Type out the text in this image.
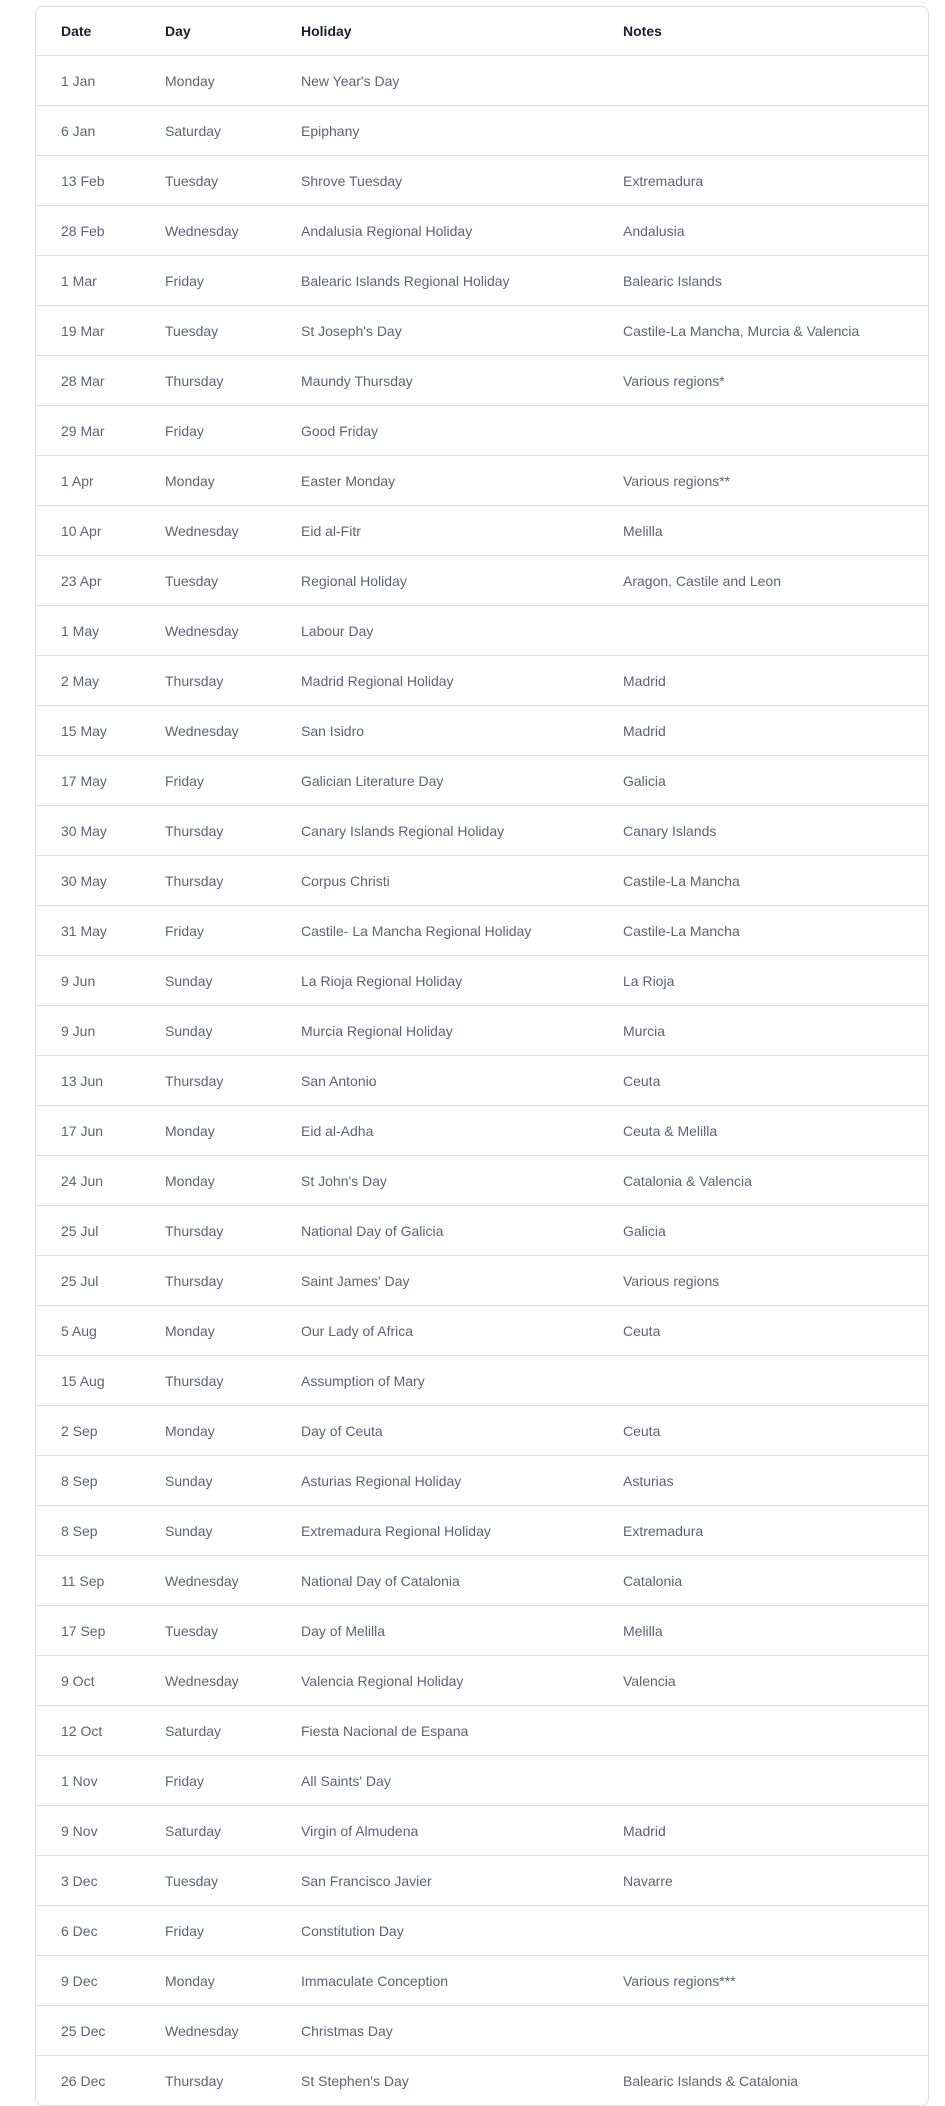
Date	Day	Holiday	Notes
1 Jan	Monday	New Year's Day	
6 Jan	Saturday	Epiphany	
13 Feb	Tuesday	Shrove Tuesday	Extremadura
28 Feb	Wednesday	Andalusia Regional Holiday	Andalusia
1 Mar	Friday	Balearic Islands Regional Holiday	Balearic Islands
19 Mar	Tuesday	St Joseph's Day	Castile-La Mancha, Murcia & Valencia
28 Mar	Thursday	Maundy Thursday	Various regions*
29 Mar	Friday	Good Friday	
1 Apr	Monday	Easter Monday	Various regions**
10 Apr	Wednesday	Eid al-Fitr	Melilla
23 Apr	Tuesday	Regional Holiday	Aragon, Castile and Leon
1 May	Wednesday	Labour Day	
2 May	Thursday	Madrid Regional Holiday	Madrid
15 May	Wednesday	San Isidro	Madrid
17 May	Friday	Galician Literature Day	Galicia
30 May	Thursday	Canary Islands Regional Holiday	Canary Islands
30 May	Thursday	Corpus Christi	Castile-La Mancha
31 May	Friday	Castile- La Mancha Regional Holiday	Castile-La Mancha
9 Jun	Sunday	La Rioja Regional Holiday	La Rioja
9 Jun	Sunday	Murcia Regional Holiday	Murcia
13 Jun	Thursday	San Antonio	Ceuta
17 Jun	Monday	Eid al-Adha	Ceuta & Melilla
24 Jun	Monday	St John's Day	Catalonia & Valencia
25 Jul	Thursday	National Day of Galicia	Galicia
25 Jul	Thursday	Saint James' Day	Various regions
5 Aug	Monday	Our Lady of Africa	Ceuta
15 Aug	Thursday	Assumption of Mary	
2 Sep	Monday	Day of Ceuta	Ceuta
8 Sep	Sunday	Asturias Regional Holiday	Asturias
8 Sep	Sunday	Extremadura Regional Holiday	Extremadura
11 Sep	Wednesday	National Day of Catalonia	Catalonia
17 Sep	Tuesday	Day of Melilla	Melilla
9 Oct	Wednesday	Valencia Regional Holiday	Valencia
12 Oct	Saturday	Fiesta Nacional de Espana	
1 Nov	Friday	All Saints' Day	
9 Nov	Saturday	Virgin of Almudena	Madrid
3 Dec	Tuesday	San Francisco Javier	Navarre
6 Dec	Friday	Constitution Day	
9 Dec	Monday	Immaculate Conception	Various regions***
25 Dec	Wednesday	Christmas Day	
26 Dec	Thursday	St Stephen's Day	Balearic Islands & Catalonia
